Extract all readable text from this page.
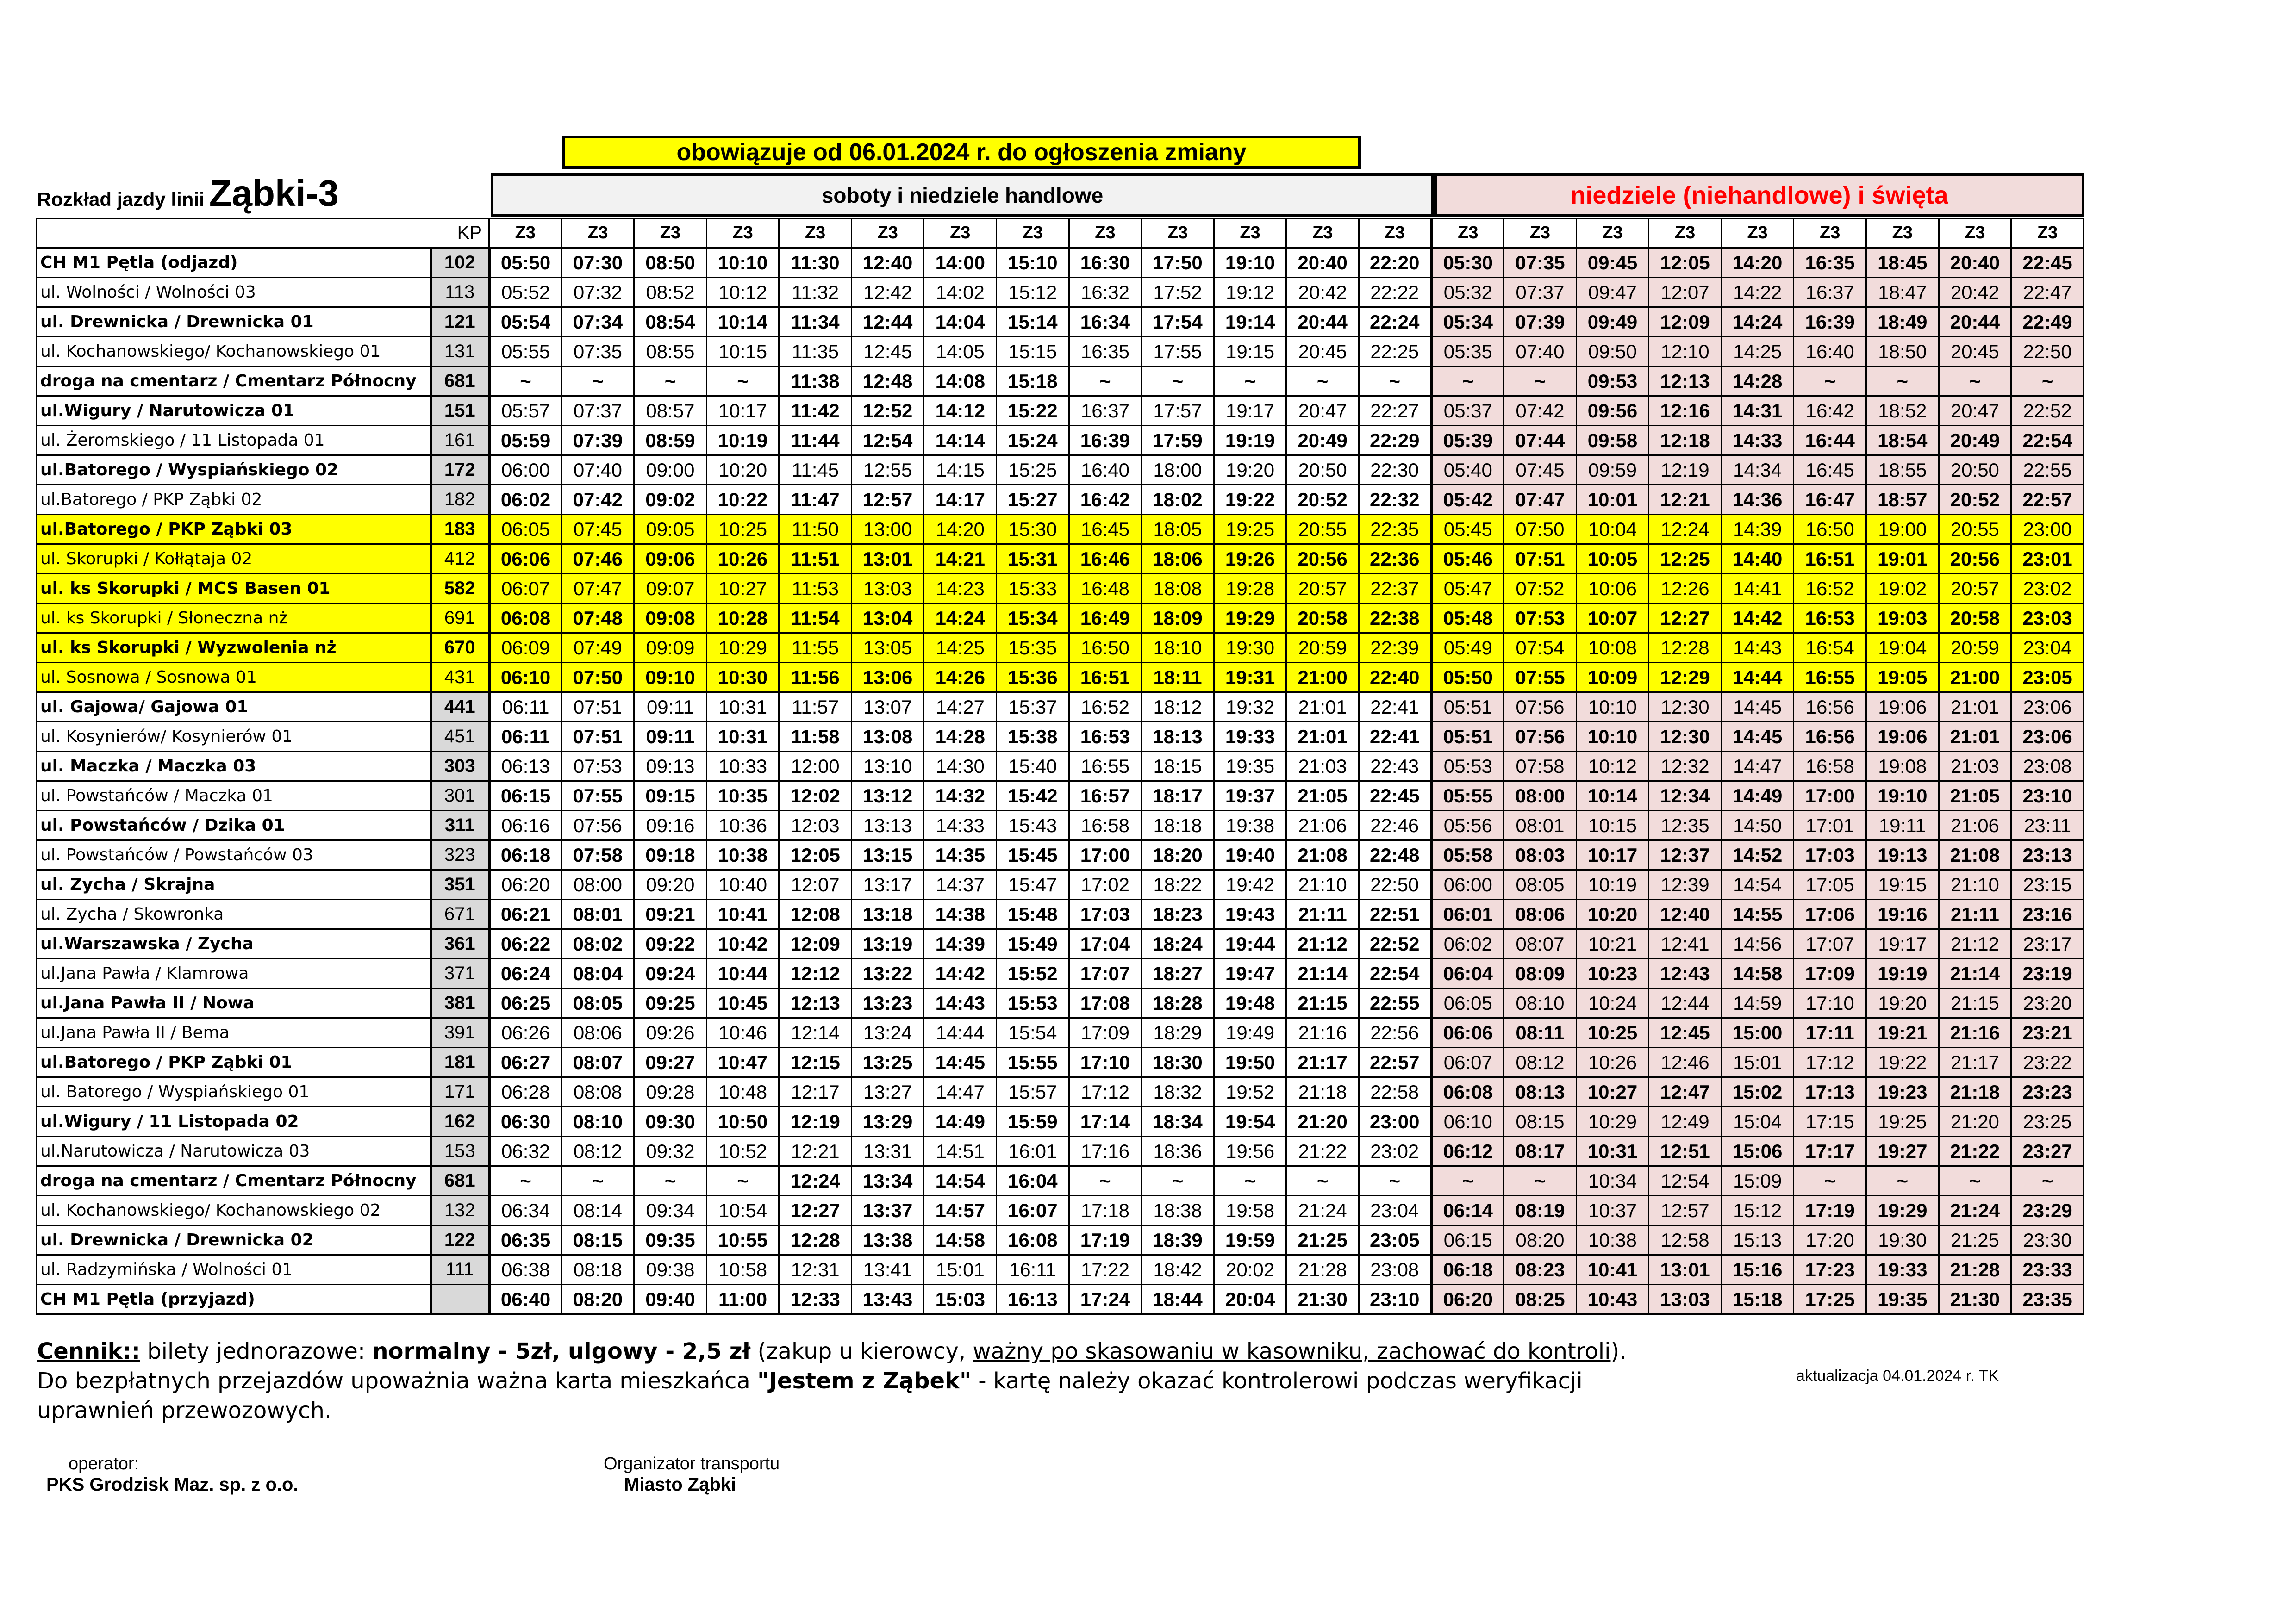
obowiązuje od 06.01.2024 r. do ogłoszenia zmiany
Rozkład jazdy linii Ząbki-3	soboty i niedziele handlowe	niedziele (niehandlowe) i święta
KP		Z3	Z3	Z3	Z3	Z3	Z3	Z3	Z3	Z3	Z3	Z3	Z3	Z3	Z3	Z3	Z3	Z3	Z3	Z3	Z3	Z3	Z3
CH M1 Pętla (odjazd)	102	05:50	07:30	08:50	10:10	11:30	12:40	14:00	15:10	16:30	17:50	19:10	20:40	22:20	05:30	07:35	09:45	12:05	14:20	16:35	18:45	20:40	22:45
ul. Wolności / Wolności 03	113	05:52	07:32	08:52	10:12	11:32	12:42	14:02	15:12	16:32	17:52	19:12	20:42	22:22	05:32	07:37	09:47	12:07	14:22	16:37	18:47	20:42	22:47
ul. Drewnicka / Drewnicka 01	121	05:54	07:34	08:54	10:14	11:34	12:44	14:04	15:14	16:34	17:54	19:14	20:44	22:24	05:34	07:39	09:49	12:09	14:24	16:39	18:49	20:44	22:49
ul. Kochanowskiego/ Kochanowskiego 01	131	05:55	07:35	08:55	10:15	11:35	12:45	14:05	15:15	16:35	17:55	19:15	20:45	22:25	05:35	07:40	09:50	12:10	14:25	16:40	18:50	20:45	22:50
droga na cmentarz / Cmentarz Północny	681	~	~	~	~	11:38	12:48	14:08	15:18	~	~	~	~	~	~	~	09:53	12:13	14:28	~	~	~	~
ul.Wigury / Narutowicza 01	151	05:57	07:37	08:57	10:17	11:42	12:52	14:12	15:22	16:37	17:57	19:17	20:47	22:27	05:37	07:42	09:56	12:16	14:31	16:42	18:52	20:47	22:52
ul. Żeromskiego / 11 Listopada 01	161	05:59	07:39	08:59	10:19	11:44	12:54	14:14	15:24	16:39	17:59	19:19	20:49	22:29	05:39	07:44	09:58	12:18	14:33	16:44	18:54	20:49	22:54
ul.Batorego / Wyspiańskiego 02	172	06:00	07:40	09:00	10:20	11:45	12:55	14:15	15:25	16:40	18:00	19:20	20:50	22:30	05:40	07:45	09:59	12:19	14:34	16:45	18:55	20:50	22:55
ul.Batorego / PKP Ząbki 02	182	06:02	07:42	09:02	10:22	11:47	12:57	14:17	15:27	16:42	18:02	19:22	20:52	22:32	05:42	07:47	10:01	12:21	14:36	16:47	18:57	20:52	22:57
ul.Batorego / PKP Ząbki 03	183	06:05	07:45	09:05	10:25	11:50	13:00	14:20	15:30	16:45	18:05	19:25	20:55	22:35	05:45	07:50	10:04	12:24	14:39	16:50	19:00	20:55	23:00
ul. Skorupki / Kołłątaja 02	412	06:06	07:46	09:06	10:26	11:51	13:01	14:21	15:31	16:46	18:06	19:26	20:56	22:36	05:46	07:51	10:05	12:25	14:40	16:51	19:01	20:56	23:01
ul. ks Skorupki / MCS Basen 01	582	06:07	07:47	09:07	10:27	11:53	13:03	14:23	15:33	16:48	18:08	19:28	20:57	22:37	05:47	07:52	10:06	12:26	14:41	16:52	19:02	20:57	23:02
ul. ks Skorupki / Słoneczna nż	691	06:08	07:48	09:08	10:28	11:54	13:04	14:24	15:34	16:49	18:09	19:29	20:58	22:38	05:48	07:53	10:07	12:27	14:42	16:53	19:03	20:58	23:03
ul. ks Skorupki / Wyzwolenia nż	670	06:09	07:49	09:09	10:29	11:55	13:05	14:25	15:35	16:50	18:10	19:30	20:59	22:39	05:49	07:54	10:08	12:28	14:43	16:54	19:04	20:59	23:04
ul. Sosnowa / Sosnowa 01	431	06:10	07:50	09:10	10:30	11:56	13:06	14:26	15:36	16:51	18:11	19:31	21:00	22:40	05:50	07:55	10:09	12:29	14:44	16:55	19:05	21:00	23:05
ul. Gajowa/ Gajowa 01	441	06:11	07:51	09:11	10:31	11:57	13:07	14:27	15:37	16:52	18:12	19:32	21:01	22:41	05:51	07:56	10:10	12:30	14:45	16:56	19:06	21:01	23:06
ul. Kosynierów/ Kosynierów 01	451	06:11	07:51	09:11	10:31	11:58	13:08	14:28	15:38	16:53	18:13	19:33	21:01	22:41	05:51	07:56	10:10	12:30	14:45	16:56	19:06	21:01	23:06
ul. Maczka / Maczka 03	303	06:13	07:53	09:13	10:33	12:00	13:10	14:30	15:40	16:55	18:15	19:35	21:03	22:43	05:53	07:58	10:12	12:32	14:47	16:58	19:08	21:03	23:08
ul. Powstańców / Maczka 01	301	06:15	07:55	09:15	10:35	12:02	13:12	14:32	15:42	16:57	18:17	19:37	21:05	22:45	05:55	08:00	10:14	12:34	14:49	17:00	19:10	21:05	23:10
ul. Powstańców / Dzika 01	311	06:16	07:56	09:16	10:36	12:03	13:13	14:33	15:43	16:58	18:18	19:38	21:06	22:46	05:56	08:01	10:15	12:35	14:50	17:01	19:11	21:06	23:11
ul. Powstańców / Powstańców 03	323	06:18	07:58	09:18	10:38	12:05	13:15	14:35	15:45	17:00	18:20	19:40	21:08	22:48	05:58	08:03	10:17	12:37	14:52	17:03	19:13	21:08	23:13
ul. Zycha / Skrajna	351	06:20	08:00	09:20	10:40	12:07	13:17	14:37	15:47	17:02	18:22	19:42	21:10	22:50	06:00	08:05	10:19	12:39	14:54	17:05	19:15	21:10	23:15
ul. Zycha / Skowronka	671	06:21	08:01	09:21	10:41	12:08	13:18	14:38	15:48	17:03	18:23	19:43	21:11	22:51	06:01	08:06	10:20	12:40	14:55	17:06	19:16	21:11	23:16
ul.Warszawska / Zycha	361	06:22	08:02	09:22	10:42	12:09	13:19	14:39	15:49	17:04	18:24	19:44	21:12	22:52	06:02	08:07	10:21	12:41	14:56	17:07	19:17	21:12	23:17
ul.Jana Pawła / Klamrowa	371	06:24	08:04	09:24	10:44	12:12	13:22	14:42	15:52	17:07	18:27	19:47	21:14	22:54	06:04	08:09	10:23	12:43	14:58	17:09	19:19	21:14	23:19
ul.Jana Pawła II / Nowa	381	06:25	08:05	09:25	10:45	12:13	13:23	14:43	15:53	17:08	18:28	19:48	21:15	22:55	06:05	08:10	10:24	12:44	14:59	17:10	19:20	21:15	23:20
ul.Jana Pawła II / Bema	391	06:26	08:06	09:26	10:46	12:14	13:24	14:44	15:54	17:09	18:29	19:49	21:16	22:56	06:06	08:11	10:25	12:45	15:00	17:11	19:21	21:16	23:21
ul.Batorego / PKP Ząbki 01	181	06:27	08:07	09:27	10:47	12:15	13:25	14:45	15:55	17:10	18:30	19:50	21:17	22:57	06:07	08:12	10:26	12:46	15:01	17:12	19:22	21:17	23:22
ul. Batorego / Wyspiańskiego 01	171	06:28	08:08	09:28	10:48	12:17	13:27	14:47	15:57	17:12	18:32	19:52	21:18	22:58	06:08	08:13	10:27	12:47	15:02	17:13	19:23	21:18	23:23
ul.Wigury / 11 Listopada 02	162	06:30	08:10	09:30	10:50	12:19	13:29	14:49	15:59	17:14	18:34	19:54	21:20	23:00	06:10	08:15	10:29	12:49	15:04	17:15	19:25	21:20	23:25
ul.Narutowicza / Narutowicza 03	153	06:32	08:12	09:32	10:52	12:21	13:31	14:51	16:01	17:16	18:36	19:56	21:22	23:02	06:12	08:17	10:31	12:51	15:06	17:17	19:27	21:22	23:27
droga na cmentarz / Cmentarz Północny	681	~	~	~	~	12:24	13:34	14:54	16:04	~	~	~	~	~	~	~	10:34	12:54	15:09	~	~	~	~
ul. Kochanowskiego/ Kochanowskiego 02	132	06:34	08:14	09:34	10:54	12:27	13:37	14:57	16:07	17:18	18:38	19:58	21:24	23:04	06:14	08:19	10:37	12:57	15:12	17:19	19:29	21:24	23:29
ul. Drewnicka / Drewnicka 02	122	06:35	08:15	09:35	10:55	12:28	13:38	14:58	16:08	17:19	18:39	19:59	21:25	23:05	06:15	08:20	10:38	12:58	15:13	17:20	19:30	21:25	23:30
ul. Radzymińska / Wolności 01	111	06:38	08:18	09:38	10:58	12:31	13:41	15:01	16:11	17:22	18:42	20:02	21:28	23:08	06:18	08:23	10:41	13:01	15:16	17:23	19:33	21:28	23:33
CH M1 Pętla (przyjazd)		06:40	08:20	09:40	11:00	12:33	13:43	15:03	16:13	17:24	18:44	20:04	21:30	23:10	06:20	08:25	10:43	13:03	15:18	17:25	19:35	21:30	23:35
Cennik:: bilety jednorazowe: normalny - 5zł, ulgowy - 2,5 zł (zakup u kierowcy, ważny po skasowaniu w kasowniku, zachować do kontroli). Do bezpłatnych przejazdów upoważnia ważna karta mieszkańca "Jestem z Ząbek" - kartę należy okazać kontrolerowi podczas weryfikacji uprawnień przewozowych.
aktualizacja 04.01.2024 r. TK
operator:
PKS Grodzisk Maz. sp. z o.o.
Organizator transportu
Miasto Ząbki
